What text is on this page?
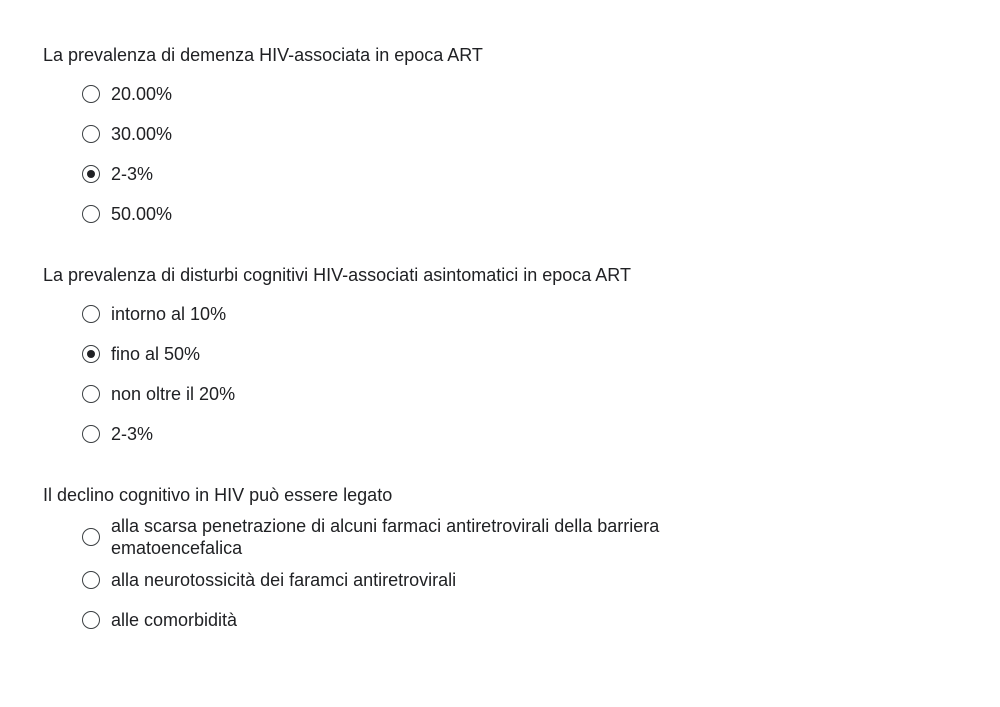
La prevalenza di demenza HIV-associata in epoca ART

20.00%
30.00%
2-3%
50.00%

La prevalenza di disturbi cognitivi HIV-associati asintomatici in epoca ART

intorno al 10%
fino al 50%
non oltre il 20%
2-3%

Il declino cognitivo in HIV può essere legato

alla scarsa penetrazione di alcuni farmaci antiretrovirali della barriera ematoencefalica
alla neurotossicità dei faramci antiretrovirali
alle comorbidità
